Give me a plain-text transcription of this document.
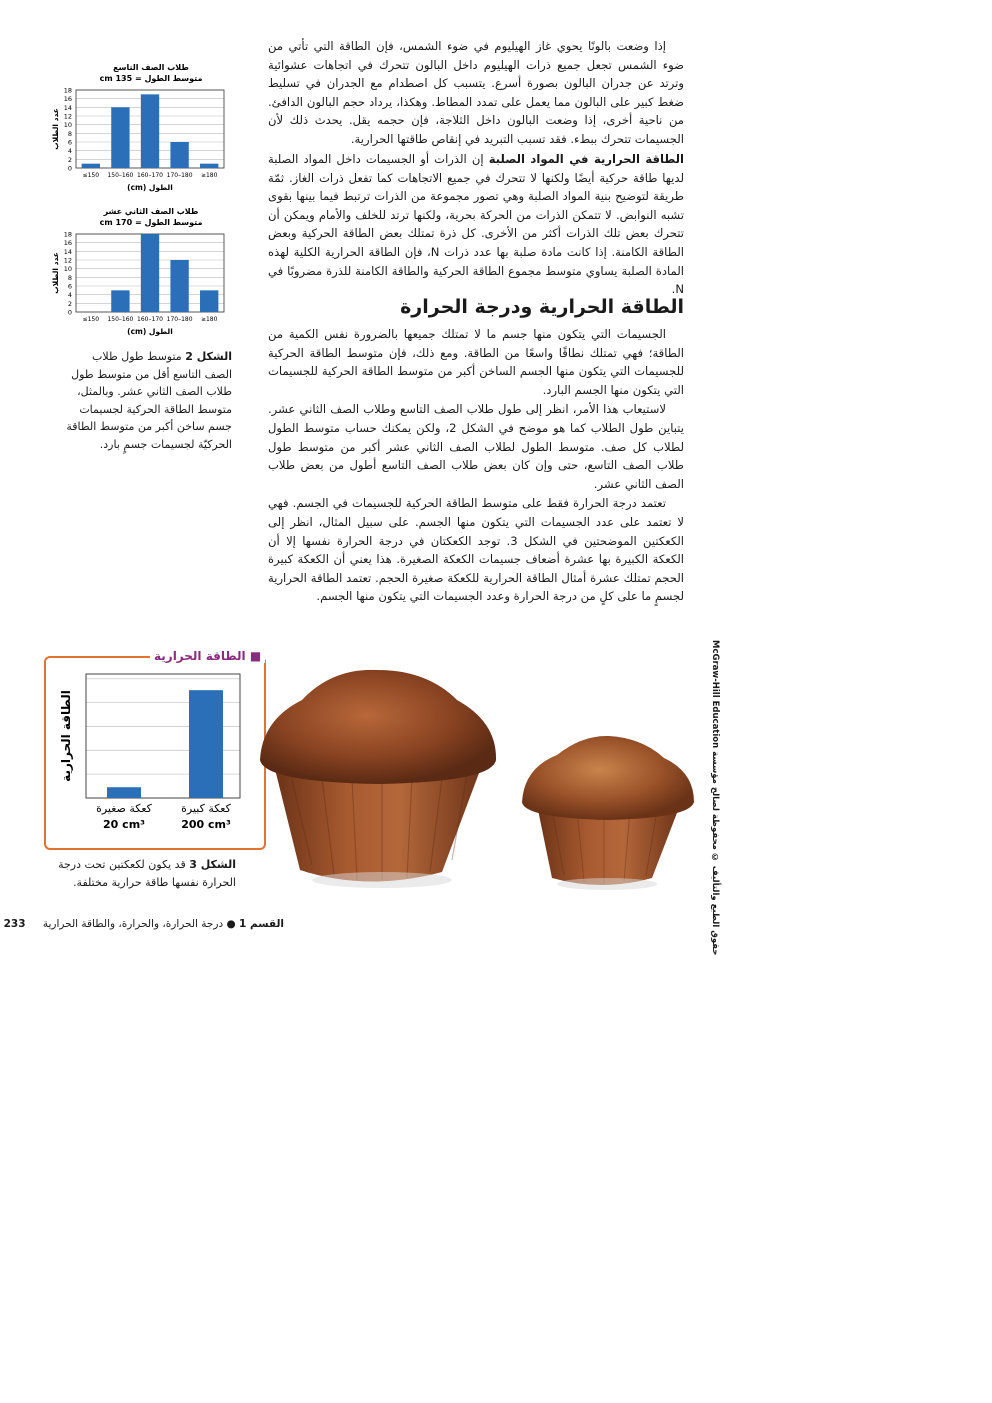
إذا وضعت بالونًا يحوي غاز الهيليوم في ضوء الشمس، فإن الطاقة التي تأتي من ضوء الشمس تجعل جميع ذرات الهيليوم داخل البالون تتحرك في اتجاهات عشوائية وترتد عن جدران البالون بصورة أسرع. يتسبب كل اصطدام مع الجدران في تسليط ضغط كبير على البالون مما يعمل على تمدد المطاط. وهكذا، يرداد حجم البالون الدافئ. من ناحية أخرى، إذا وضعت البالون داخل الثلاجة، فإن حجمه يقل. يحدث ذلك لأن الجسيمات تتحرك ببطء. فقد تسبب التبريد في إنقاص طاقتها الحرارية.

الطاقة الحرارية في المواد الصلبة إن الذرات أو الجسيمات داخل المواد الصلبة لديها طاقة حركية أيضًا ولكنها لا تتحرك في جميع الاتجاهات كما تفعل ذرات الغاز. ثمّة طريقة لتوضيح بنية المواد الصلبة وهي تصور مجموعة من الذرات ترتبط فيما بينها بقوى تشبه النوابض. لا تتمكن الذرات من الحركة بحرية، ولكنها ترتد للخلف والأمام ويمكن أن تتحرك بعض تلك الذرات أكثر من الأخرى. كل ذرة تمتلك بعض الطاقة الحركية وبعض الطاقة الكامنة. إذا كانت مادة صلبة بها عدد ذرات N، فإن الطاقة الحرارية الكلية لهذه المادة الصلبة يساوي متوسط مجموع الطاقة الحركية والطاقة الكامنة للذرة مضروبًا في N.

الطاقة الحرارية ودرجة الحرارة

الجسيمات التي يتكون منها جسم ما لا تمتلك جميعها بالضرورة نفس الكمية من الطاقة؛ فهي تمتلك نطاقًا واسعًا من الطاقة. ومع ذلك، فإن متوسط الطاقة الحركية للجسيمات التي يتكون منها الجسم الساخن أكبر من متوسط الطاقة الحركية للجسيمات التي يتكون منها الجسم البارد.

لاستيعاب هذا الأمر، انظر إلى طول طلاب الصف التاسع وطلاب الصف الثاني عشر. يتباين طول الطلاب كما هو موضح في الشكل 2، ولكن يمكنك حساب متوسط الطول لطلاب كل صف. متوسط الطول لطلاب الصف الثاني عشر أكبر من متوسط طول طلاب الصف التاسع، حتى وإن كان بعض طلاب الصف التاسع أطول من بعض طلاب الصف الثاني عشر.

تعتمد درجة الحرارة فقط على متوسط الطاقة الحركية للجسيمات في الجسم. فهي لا تعتمد على عدد الجسيمات التي يتكون منها الجسم. على سبيل المثال، انظر إلى الكعكتين الموضحتين في الشكل 3. توجد الكعكتان في درجة الحرارة نفسها إلا أن الكعكة الكبيرة بها عشرة أضعاف جسيمات الكعكة الصغيرة. هذا يعني أن الكعكة كبيرة الحجم تمتلك عشرة أمثال الطاقة الحرارية للكعكة صغيرة الحجم. تعتمد الطاقة الحرارية لجسمٍ ما على كلٍ من درجة الحرارة وعدد الجسيمات التي يتكون منها الجسم.

طلاب الصف التاسع
متوسط الطول = 135 cm
0
2
4
6
8
10
12
14
16
18
≤150 150–160 160–170 170–180 ≥180
الطول (cm)
عدد الطلاب
طلاب الصف الثاني عشر
متوسط الطول = 170 cm
0
2
4
6
8
10
12
14
16
18
≤150 150–160 160–170 170–180 ≥180
الطول (cm)
عدد الطلاب
الشكل 2 متوسط طول طلاب الصف التاسع أقل من متوسط طول طلاب الصف الثاني عشر. وبالمثل، متوسط الطاقة الحركية لجسيمات جسم ساخن أكبر من متوسط الطاقة الحركيّة لجسيمات جسمٍ بارد.
■ الطاقة الحرارية
كعكة كبيرة
200 cm³
كعكة صغيرة
20 cm³
الطاقة الحرارية
الشكل 3 قد يكون لكعكتين تحت درجة الحرارة نفسها طاقة حرارية مختلفة.
حقوق الطبع والتأليف © محفوظة لصالح مؤسسة McGraw-Hill Education
القسم 1 ● درجة الحرارة، والحرارة، والطاقة الحرارية 233
